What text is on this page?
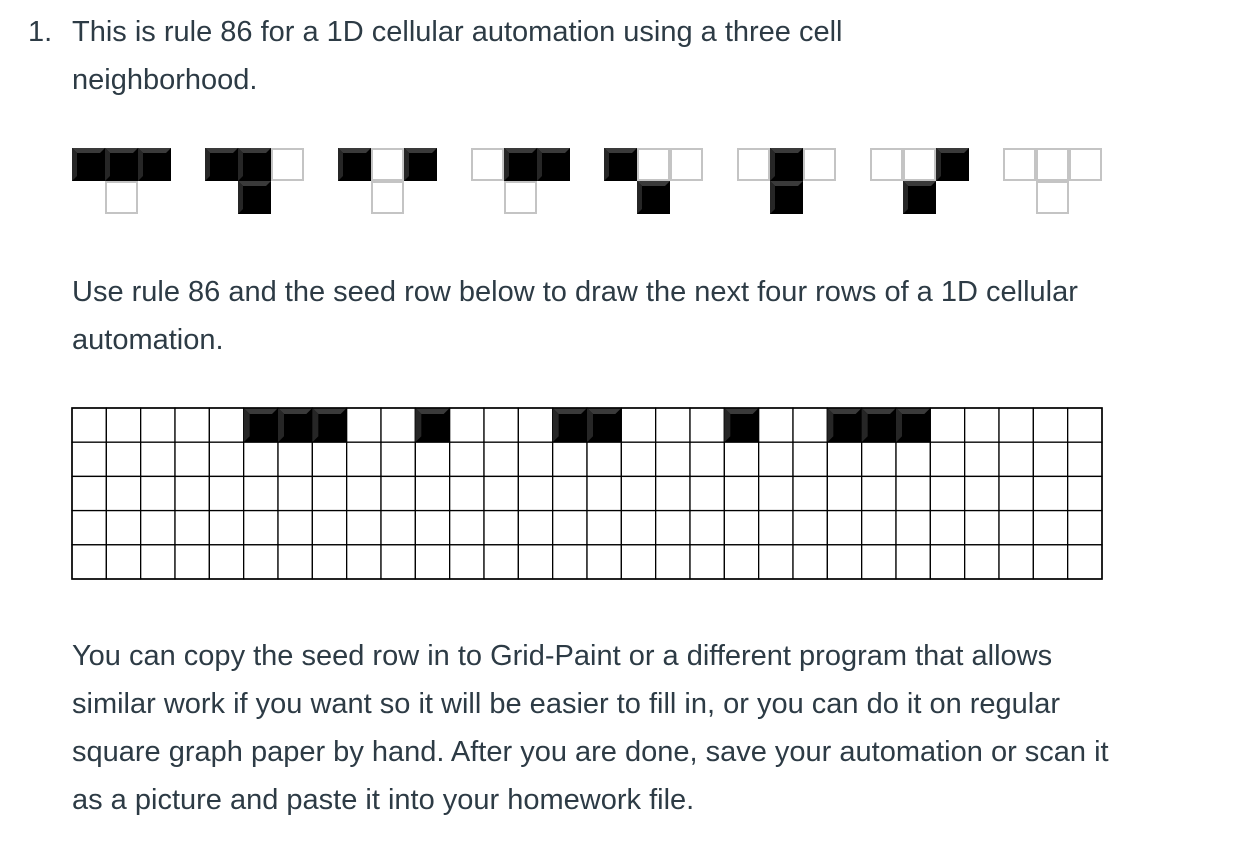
1. This is rule 86 for a 1D cellular automation using a three cell neighborhood.

Use rule 86 and the seed row below to draw the next four rows of a 1D cellular automation.

You can copy the seed row in to Grid-Paint or a different program that allows similar work if you want so it will be easier to fill in, or you can do it on regular square graph paper by hand. After you are done, save your automation or scan it as a picture and paste it into your homework file.
